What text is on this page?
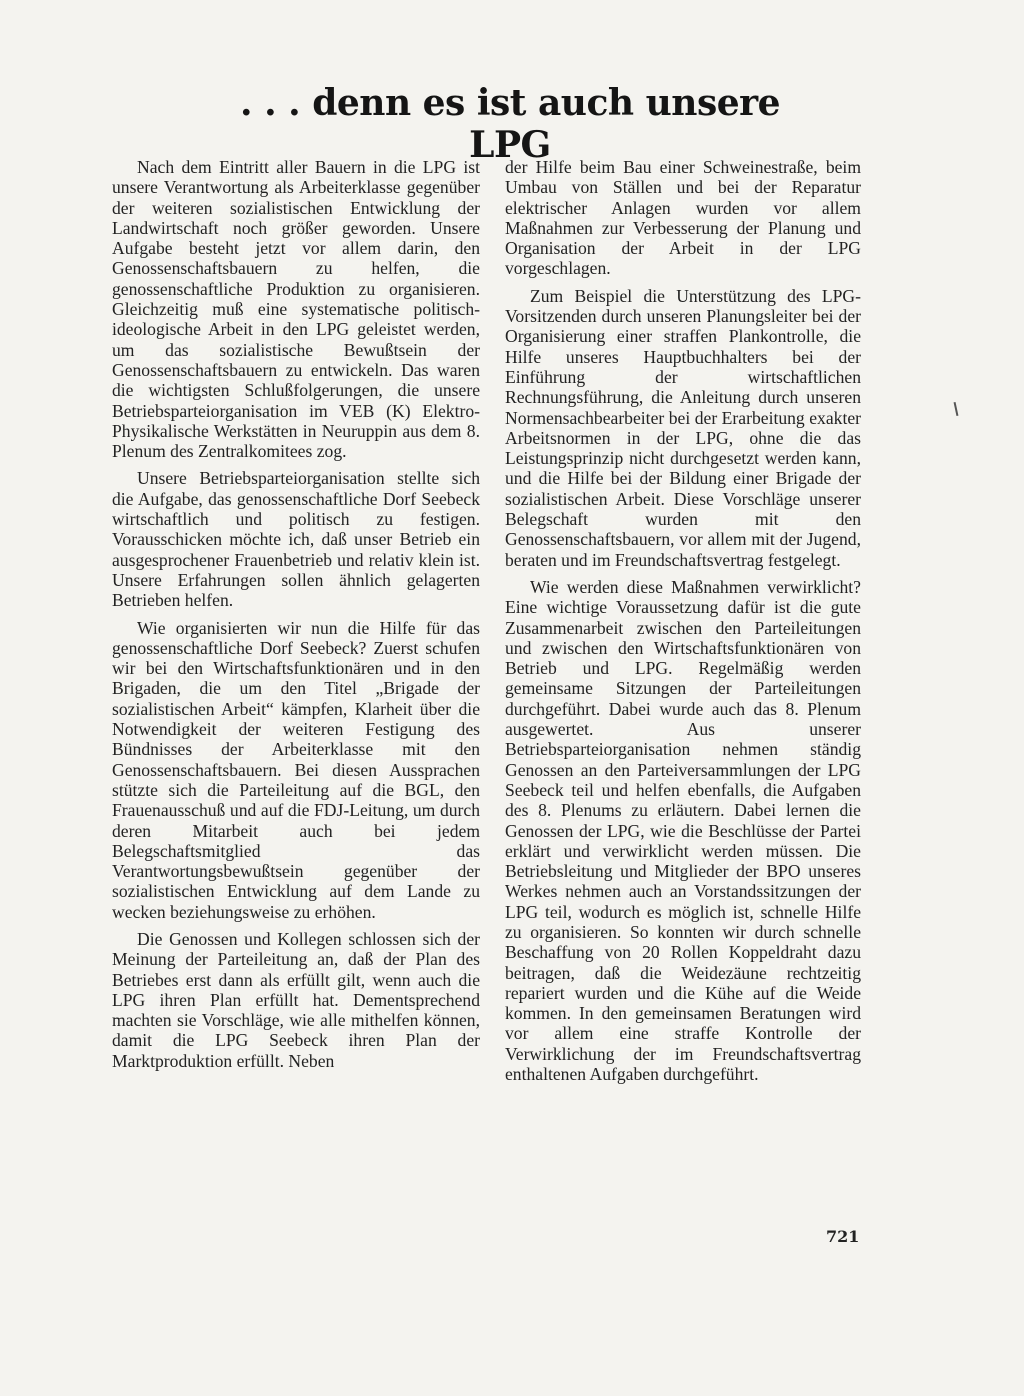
. . . denn es ist auch unsere LPG

Nach dem Eintritt aller Bauern in die LPG ist unsere Verantwortung als Arbeiterklasse gegenüber der weiteren sozialistischen Entwicklung der Landwirtschaft noch größer geworden. Unsere Aufgabe besteht jetzt vor allem darin, den Genossenschaftsbauern zu helfen, die genossenschaftliche Produktion zu organisieren. Gleichzeitig muß eine systematische politisch-ideologische Arbeit in den LPG geleistet werden, um das sozialistische Bewußtsein der Genossenschaftsbauern zu entwickeln. Das waren die wichtigsten Schlußfolgerungen, die unsere Betriebsparteiorganisation im VEB (K) Elektro-Physikalische Werkstätten in Neuruppin aus dem 8. Plenum des Zentralkomitees zog.

Unsere Betriebsparteiorganisation stellte sich die Aufgabe, das genossenschaftliche Dorf Seebeck wirtschaftlich und politisch zu festigen. Vorausschicken möchte ich, daß unser Betrieb ein ausgesprochener Frauenbetrieb und relativ klein ist. Unsere Erfahrungen sollen ähnlich gelagerten Betrieben helfen.

Wie organisierten wir nun die Hilfe für das genossenschaftliche Dorf Seebeck? Zuerst schufen wir bei den Wirtschaftsfunktionären und in den Brigaden, die um den Titel „Brigade der sozialistischen Arbeit“ kämpfen, Klarheit über die Notwendigkeit der weiteren Festigung des Bündnisses der Arbeiterklasse mit den Genossenschaftsbauern. Bei diesen Aussprachen stützte sich die Parteileitung auf die BGL, den Frauenausschuß und auf die FDJ-Leitung, um durch deren Mitarbeit auch bei jedem Belegschaftsmitglied das Verantwortungsbewußtsein gegenüber der sozialistischen Entwicklung auf dem Lande zu wecken beziehungsweise zu erhöhen.

Die Genossen und Kollegen schlossen sich der Meinung der Parteileitung an, daß der Plan des Betriebes erst dann als erfüllt gilt, wenn auch die LPG ihren Plan erfüllt hat. Dementsprechend machten sie Vorschläge, wie alle mithelfen können, damit die LPG Seebeck ihren Plan der Marktproduktion erfüllt. Neben

der Hilfe beim Bau einer Schweinestraße, beim Umbau von Ställen und bei der Reparatur elektrischer Anlagen wurden vor allem Maßnahmen zur Verbesserung der Planung und Organisation der Arbeit in der LPG vorgeschlagen.

Zum Beispiel die Unterstützung des LPG-Vorsitzenden durch unseren Planungsleiter bei der Organisierung einer straffen Plankontrolle, die Hilfe unseres Hauptbuchhalters bei der Einführung der wirtschaftlichen Rechnungsführung, die Anleitung durch unseren Normensachbearbeiter bei der Erarbeitung exakter Arbeitsnormen in der LPG, ohne die das Leistungsprinzip nicht durchgesetzt werden kann, und die Hilfe bei der Bildung einer Brigade der sozialistischen Arbeit. Diese Vorschläge unserer Belegschaft wurden mit den Genossenschaftsbauern, vor allem mit der Jugend, beraten und im Freundschaftsvertrag festgelegt.

Wie werden diese Maßnahmen verwirklicht? Eine wichtige Voraussetzung dafür ist die gute Zusammenarbeit zwischen den Parteileitungen und zwischen den Wirtschaftsfunktionären von Betrieb und LPG. Regelmäßig werden gemeinsame Sitzungen der Parteileitungen durchgeführt. Dabei wurde auch das 8. Plenum ausgewertet. Aus unserer Betriebsparteiorganisation nehmen ständig Genossen an den Parteiversammlungen der LPG Seebeck teil und helfen ebenfalls, die Aufgaben des 8. Plenums zu erläutern. Dabei lernen die Genossen der LPG, wie die Beschlüsse der Partei erklärt und verwirklicht werden müssen. Die Betriebsleitung und Mitglieder der BPO unseres Werkes nehmen auch an Vorstandssitzungen der LPG teil, wodurch es möglich ist, schnelle Hilfe zu organisieren. So konnten wir durch schnelle Beschaffung von 20 Rollen Koppeldraht dazu beitragen, daß die Weidezäune rechtzeitig repariert wurden und die Kühe auf die Weide kommen. In den gemeinsamen Beratungen wird vor allem eine straffe Kontrolle der Verwirklichung der im Freundschaftsvertrag enthaltenen Aufgaben durchgeführt.

721
